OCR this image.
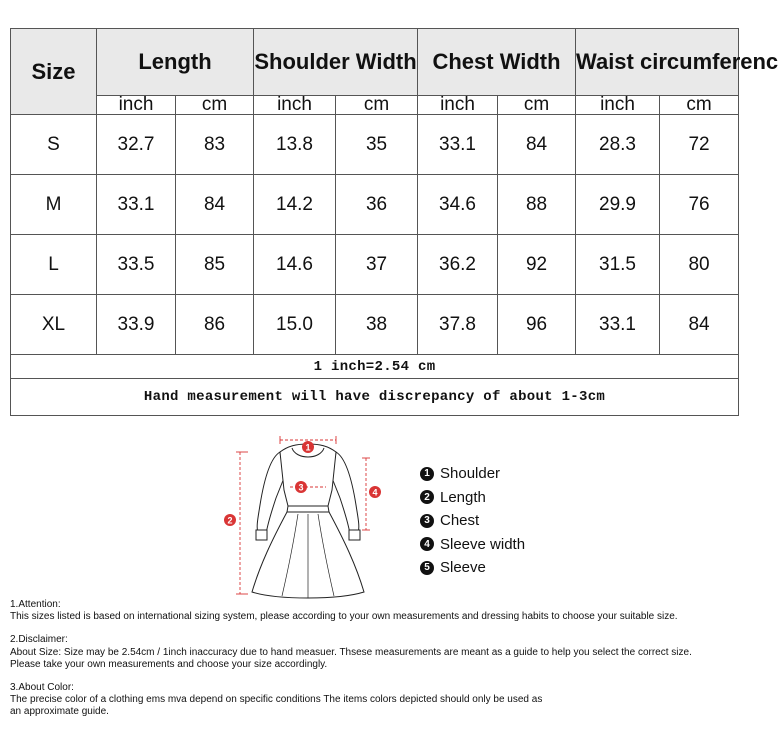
Size	Length		Shoulder Width		Chest Width		Waist circumferenc	

	inch	cm	inch	cm	inch	cm	inch	cm
S	32.7	83	13.8	35	33.1	84	28.3	72
M	33.1	84	14.2	36	34.6	88	29.9	76
L	33.5	85	14.6	37	36.2	92	31.5	80
XL	33.9	86	15.0	38	37.8	96	33.1	84
1 inch=2.54 cm								
Hand measurement will have discrepancy of about 1-3cm								
1
2
3	4
1 Shoulder
2 Length
3 Chest
4 Sleeve width
5 Sleeve

1.Attention:

This sizes listed is based on international sizing system, please according to your own measurements and dressing habits to choose your suitable size.

2.Disclaimer:

About Size: Size may be 2.54cm / 1inch inaccuracy due to hand measuer. Thsese measurements are meant as a guide to help you select the correct size.

Please take your own measurements and choose your size accordingly.

3.About Color:

The precise color of a clothing ems mva depend on specific conditions The items colors depicted should only be used as

an approximate guide.
